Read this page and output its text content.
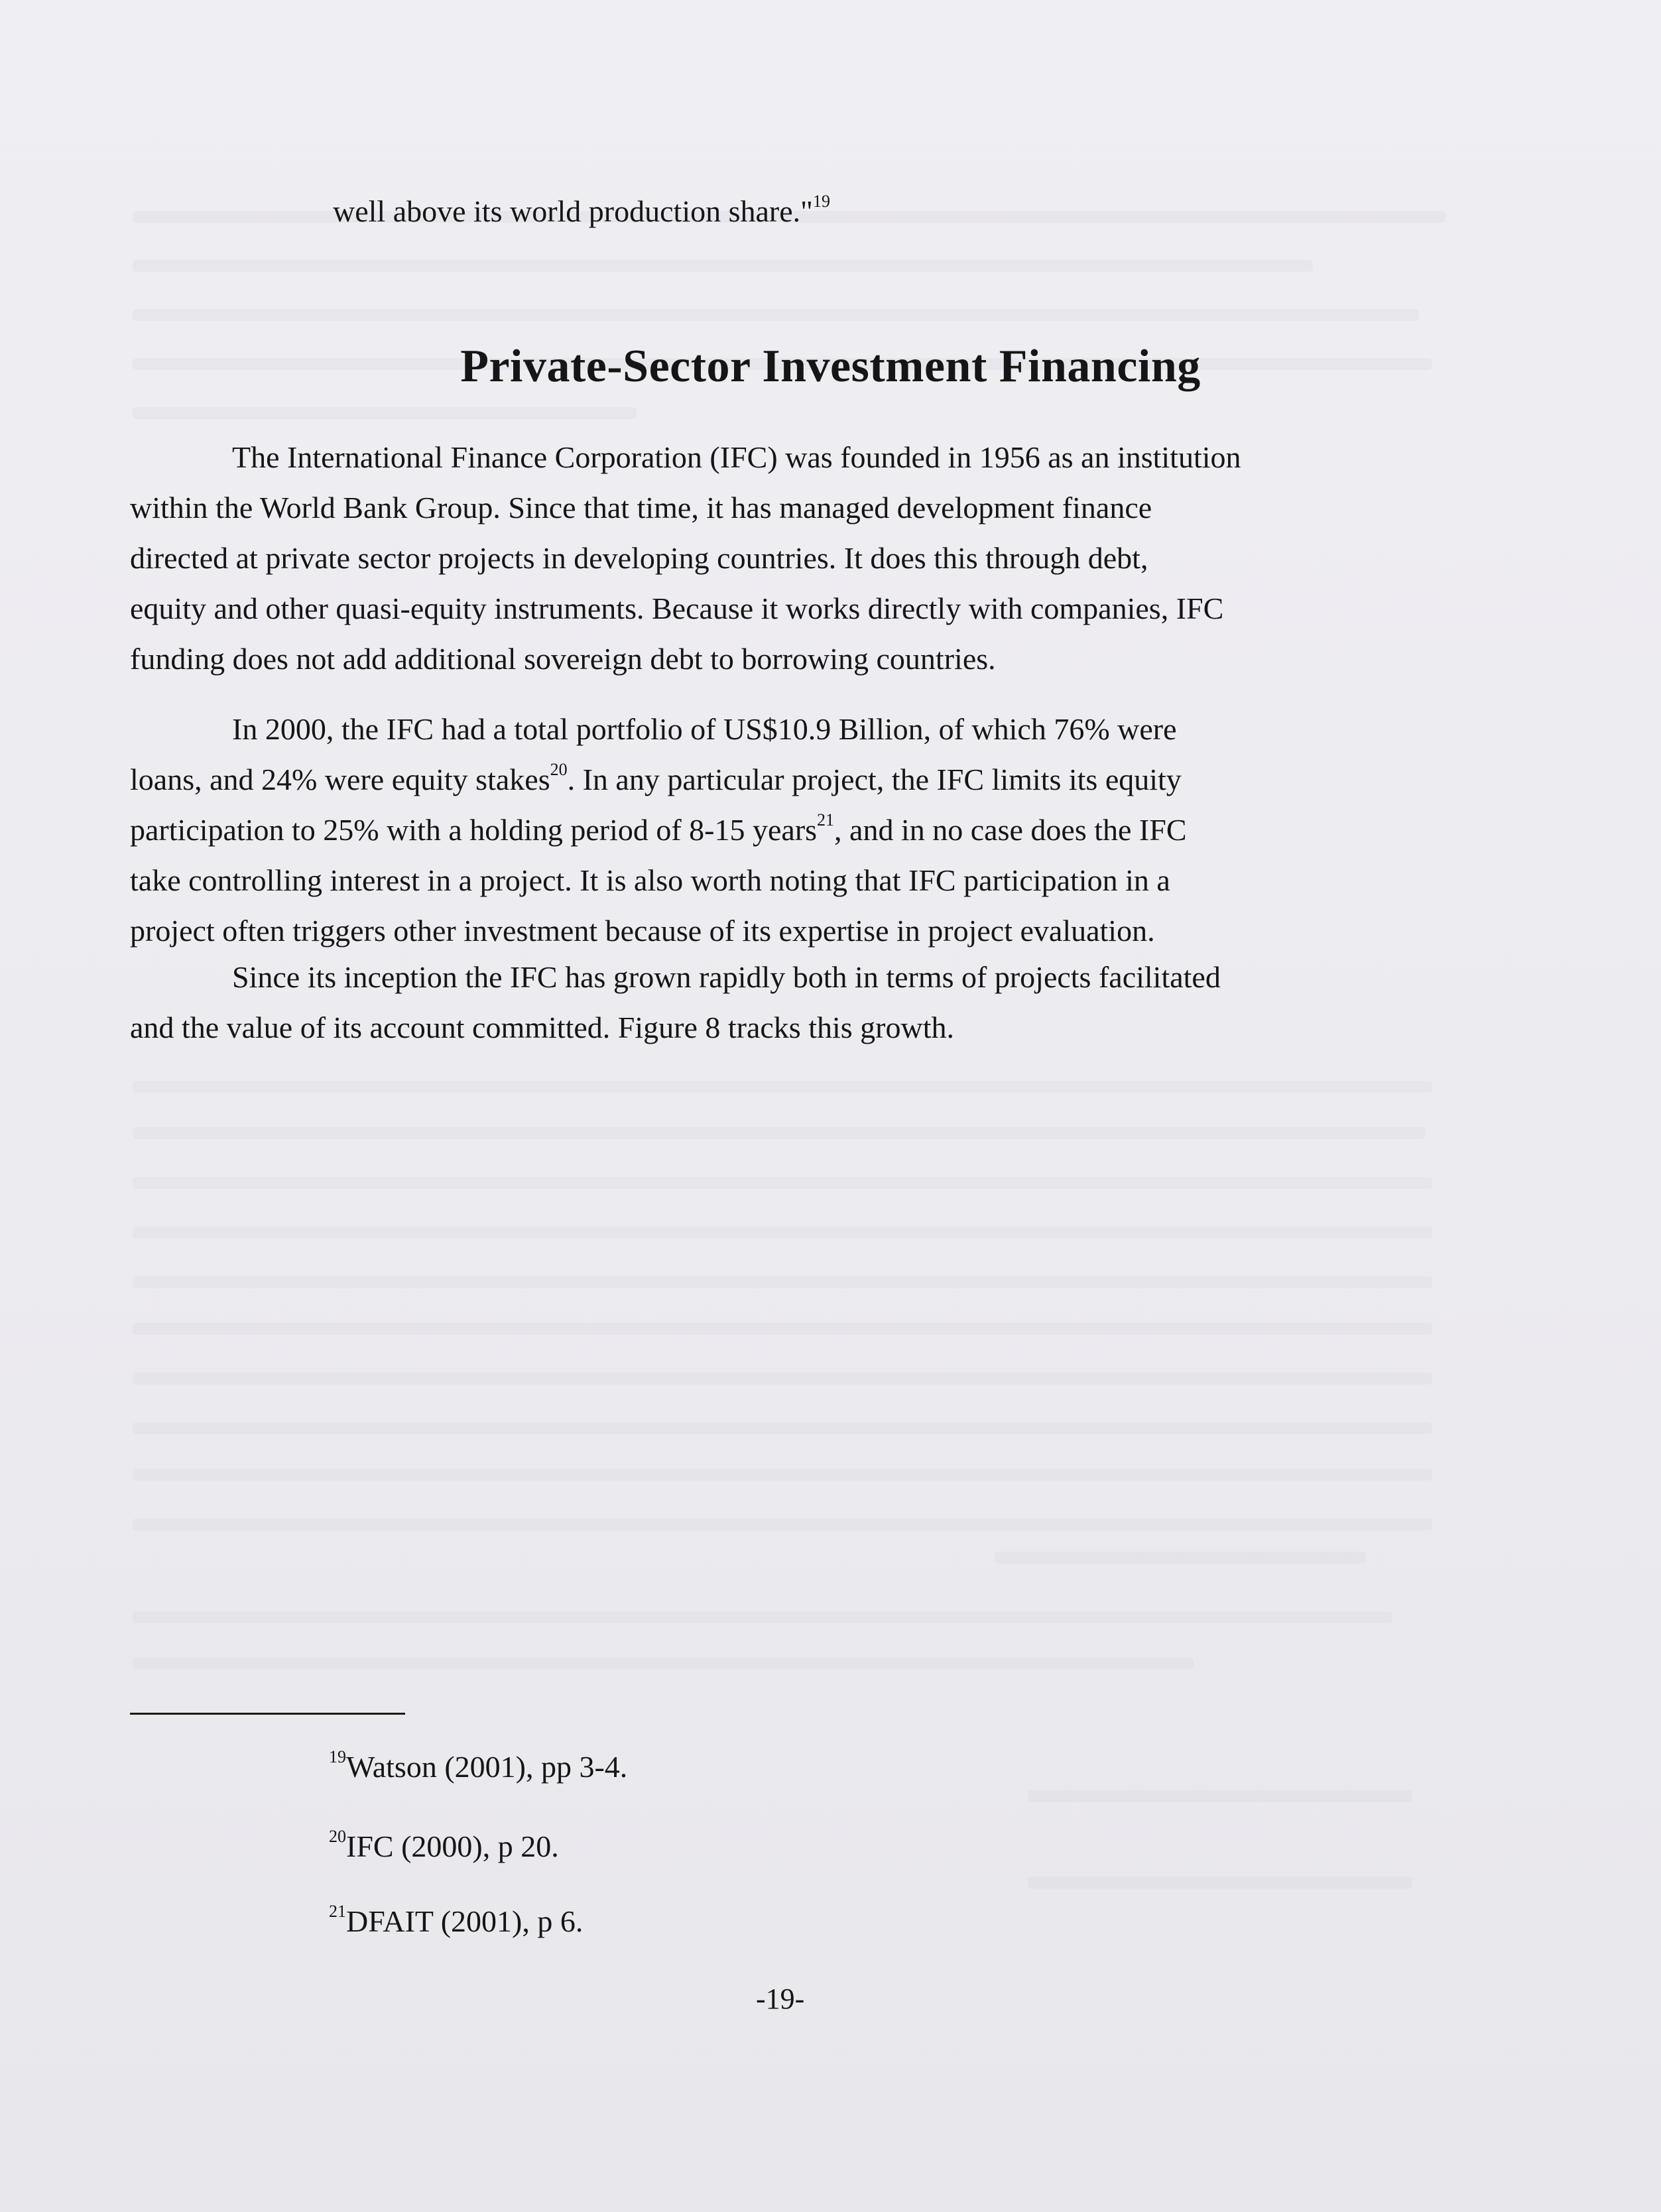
well above its world production share."$^{19}$
Private-Sector Investment Financing

The International Finance Corporation (IFC) was founded in 1956 as an institution
within the World Bank Group. Since that time, it has managed development finance
directed at private sector projects in developing countries. It does this through debt,
equity and other quasi-equity instruments. Because it works directly with companies, IFC
funding does not add additional sovereign debt to borrowing countries.

In 2000, the IFC had a total portfolio of US$10.9 Billion, of which 76% were
loans, and 24% were equity stakes$^{20}$. In any particular project, the IFC limits its equity
participation to 25% with a holding period of 8-15 years$^{21}$, and in no case does the IFC
take controlling interest in a project. It is also worth noting that IFC participation in a
project often triggers other investment because of its expertise in project evaluation.

Since its inception the IFC has grown rapidly both in terms of projects facilitated
and the value of its account committed. Figure 8 tracks this growth.

$^{19}$Watson (2001), pp 3-4.
$^{20}$IFC (2000), p 20.
$^{21}$DFAIT (2001), p 6.
-19-
